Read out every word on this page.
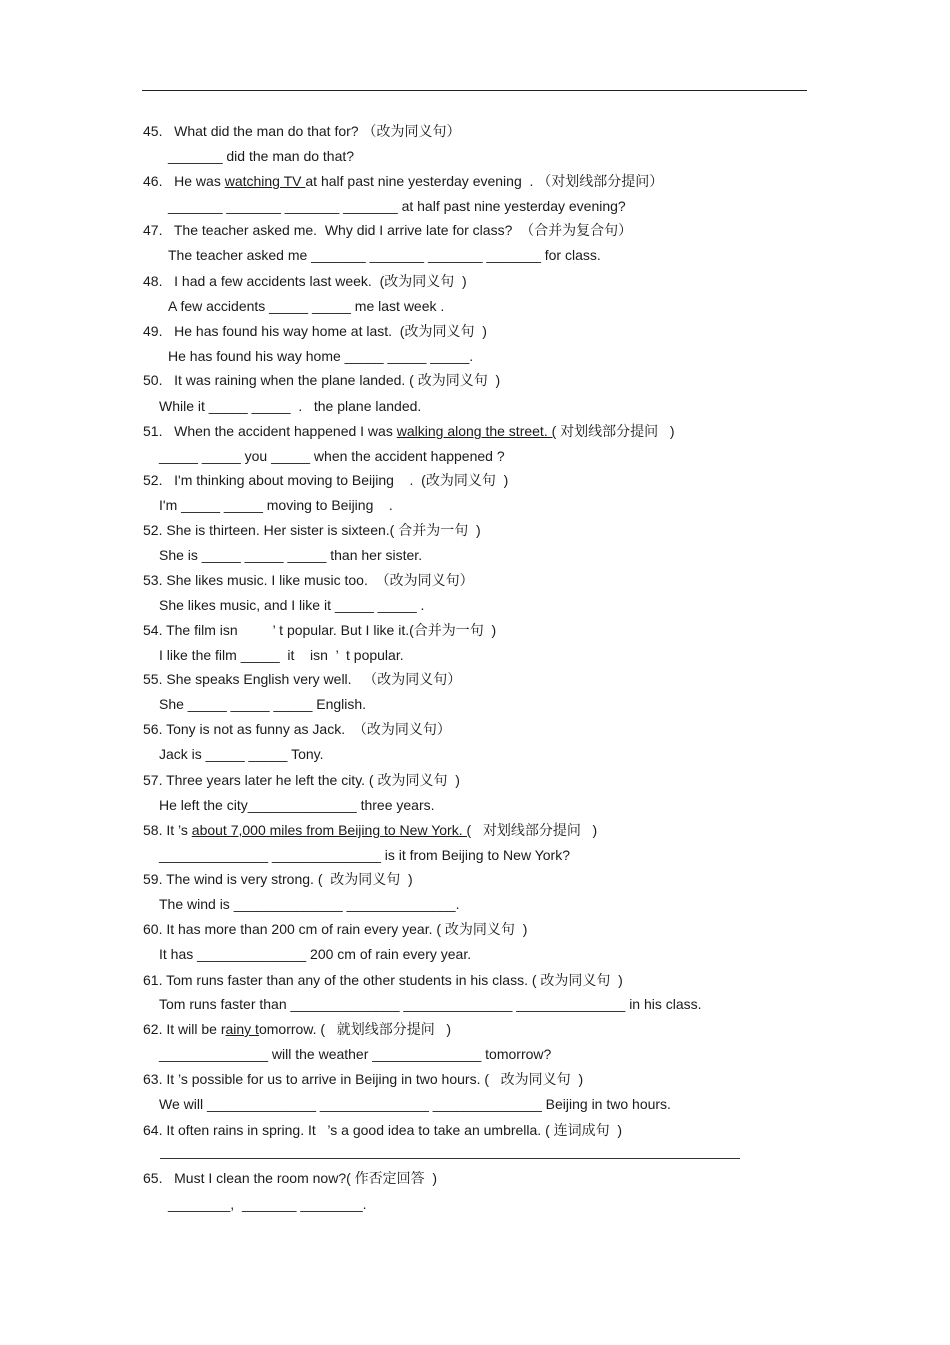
45.   What did the man do that for? （改为同义句）
_______ did the man do that?
46.   He was watching TV at half past nine yesterday evening  . （对划线部分提问）
_______ _______ _______ _______ at half past nine yesterday evening?
47.   The teacher asked me.  Why did I arrive late for class?  （合并为复合句）
The teacher asked me _______ _______ _______ _______ for class.
48.   I had a few accidents last week.  (改为同义句  )
A few accidents _____ _____ me last week .
49.   He has found his way home at last.  (改为同义句  )
He has found his way home _____ _____ _____.
50.   It was raining when the plane landed. ( 改为同义句  )
While it _____ _____  .   the plane landed.
51.   When the accident happened I was walking along the street. ( 对划线部分提问   )
_____ _____ you _____ when the accident happened ?
52.   I'm thinking about moving to Beijing    .  (改为同义句  )
I'm _____ _____ moving to Beijing    .
52. She is thirteen. Her sister is sixteen.( 合并为一句  )
She is _____ _____ _____ than her sister.
53. She likes music. I like music too.  （改为同义句）
She likes music, and I like it _____ _____ .
54. The film isn         ’ t popular. But I like it.(合并为一句  )
I like the film _____  it    isn  ’  t popular.
55. She speaks English very well.   （改为同义句）
She _____ _____ _____ English.
56. Tony is not as funny as Jack.  （改为同义句）
Jack is _____ _____ Tony.
57. Three years later he left the city. ( 改为同义句  )
He left the city______________ three years.
58. It ’s about 7,000 miles from Beijing to New York. (   对划线部分提问   )
______________ ______________ is it from Beijing to New York?
59. The wind is very strong. (  改为同义句  )
The wind is ______________ ______________.
60. It has more than 200 cm of rain every year. ( 改为同义句  )
It has ______________ 200 cm of rain every year.
61. Tom runs faster than any of the other students in his class. ( 改为同义句  )
Tom runs faster than ______________ ______________ ______________ in his class.
62. It will be rainy tomorrow. (   就划线部分提问   )
______________ will the weather ______________ tomorrow?
63. It ’s possible for us to arrive in Beijing in two hours. (   改为同义句  )
We will ______________ ______________ ______________ Beijing in two hours.
64. It often rains in spring. It   ’s a good idea to take an umbrella. ( 连词成句  )
65.   Must I clean the room now?( 作否定回答  )
________,  _______ ________.
